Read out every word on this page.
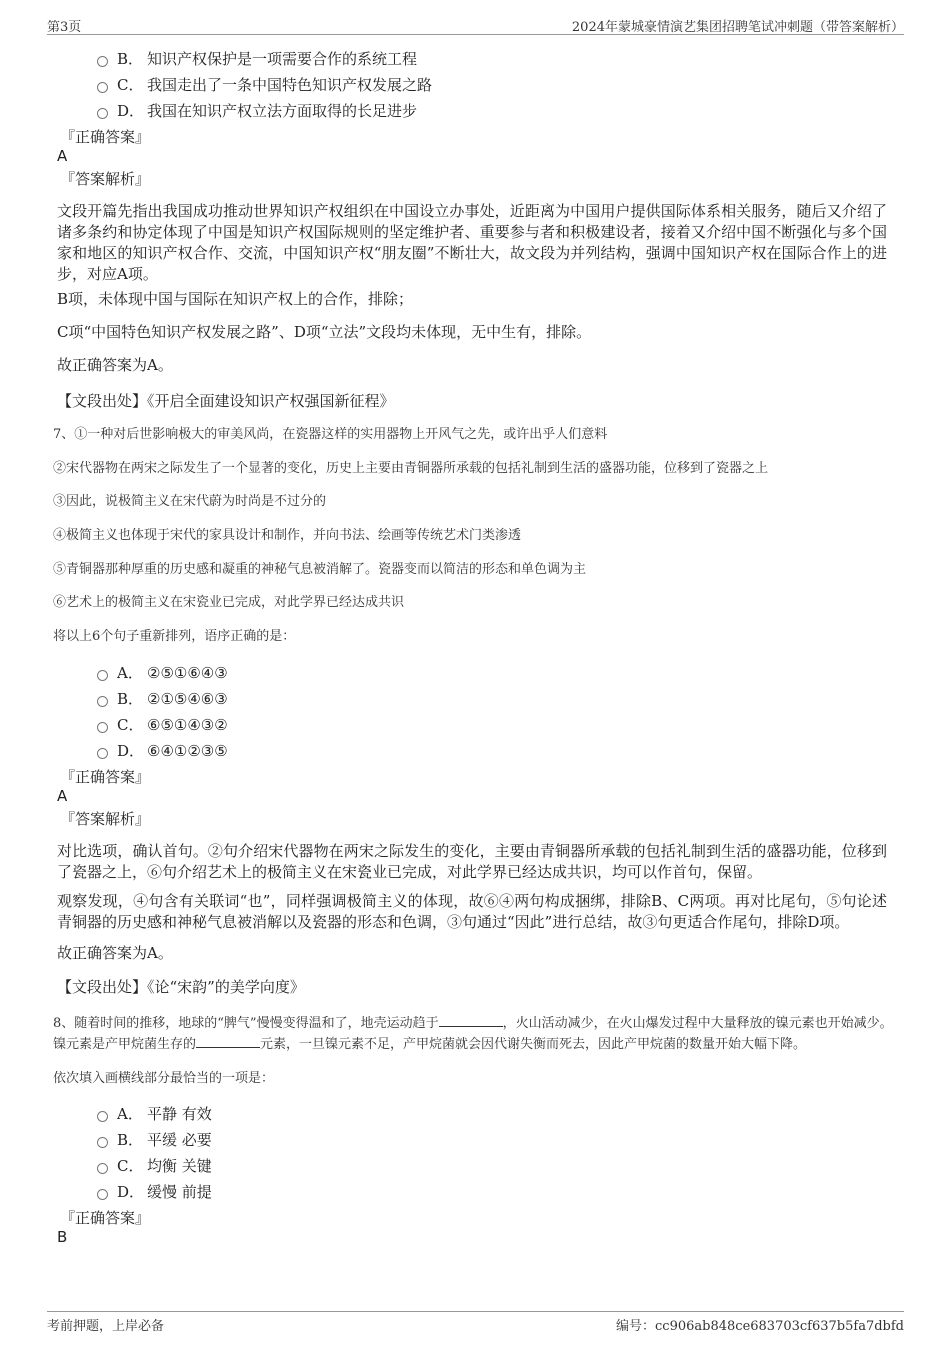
第3页	2024年蒙城豪情演艺集团招聘笔试冲刺题（带答案解析）
B． 知识产权保护是一项需要合作的系统工程
C． 我国走出了一条中国特色知识产权发展之路
D． 我国在知识产权立法方面取得的长足进步
『正确答案』
A
『答案解析』
文段开篇先指出我国成功推动世界知识产权组织在中国设立办事处，近距离为中国用户提供国际体系相关服务，随后又介绍了诸多条约和协定体现了中国是知识产权国际规则的坚定维护者、重要参与者和积极建设者，接着又介绍中国不断强化与多个国家和地区的知识产权合作、交流，中国知识产权“朋友圈”不断壮大，故文段为并列结构，强调中国知识产权在国际合作上的进步，对应A项。
B项，未体现中国与国际在知识产权上的合作，排除；
C项“中国特色知识产权发展之路”、D项“立法”文段均未体现，无中生有，排除。
故正确答案为A。
【文段出处】《开启全面建设知识产权强国新征程》
7、①一种对后世影响极大的审美风尚，在瓷器这样的实用器物上开风气之先，或许出乎人们意料
②宋代器物在两宋之际发生了一个显著的变化，历史上主要由青铜器所承载的包括礼制到生活的盛器功能，位移到了瓷器之上
③因此，说极简主义在宋代蔚为时尚是不过分的
④极简主义也体现于宋代的家具设计和制作，并向书法、绘画等传统艺术门类渗透
⑤青铜器那种厚重的历史感和凝重的神秘气息被消解了。瓷器变而以简洁的形态和单色调为主
⑥艺术上的极简主义在宋瓷业已完成，对此学界已经达成共识
将以上6个句子重新排列，语序正确的是：
A． ②⑤①⑥④③
B． ②①⑤④⑥③
C． ⑥⑤①④③②
D． ⑥④①②③⑤
『正确答案』
A
『答案解析』
对比选项，确认首句。②句介绍宋代器物在两宋之际发生的变化，主要由青铜器所承载的包括礼制到生活的盛器功能，位移到了瓷器之上，⑥句介绍艺术上的极简主义在宋瓷业已完成，对此学界已经达成共识，均可以作首句，保留。
观察发现，④句含有关联词“也”，同样强调极简主义的体现，故⑥④两句构成捆绑，排除B、C两项。再对比尾句，⑤句论述青铜器的历史感和神秘气息被消解以及瓷器的形态和色调，③句通过“因此”进行总结，故③句更适合作尾句，排除D项。
故正确答案为A。
【文段出处】《论“宋韵”的美学向度》
8、随着时间的推移，地球的“脾气”慢慢变得温和了，地壳运动趋于	，火山活动减少，在火山爆发过程中大量释放的镍元素也开始减少。镍元素是产甲烷菌生存的	元素，一旦镍元素不足，产甲烷菌就会因代谢失衡而死去，因此产甲烷菌的数量开始大幅下降。
依次填入画横线部分最恰当的一项是：
A． 平静 有效
B． 平缓 必要
C． 均衡 关键
D． 缓慢 前提
『正确答案』
B
考前押题，上岸必备	编号：cc906ab848ce683703cf637b5fa7dbfd
